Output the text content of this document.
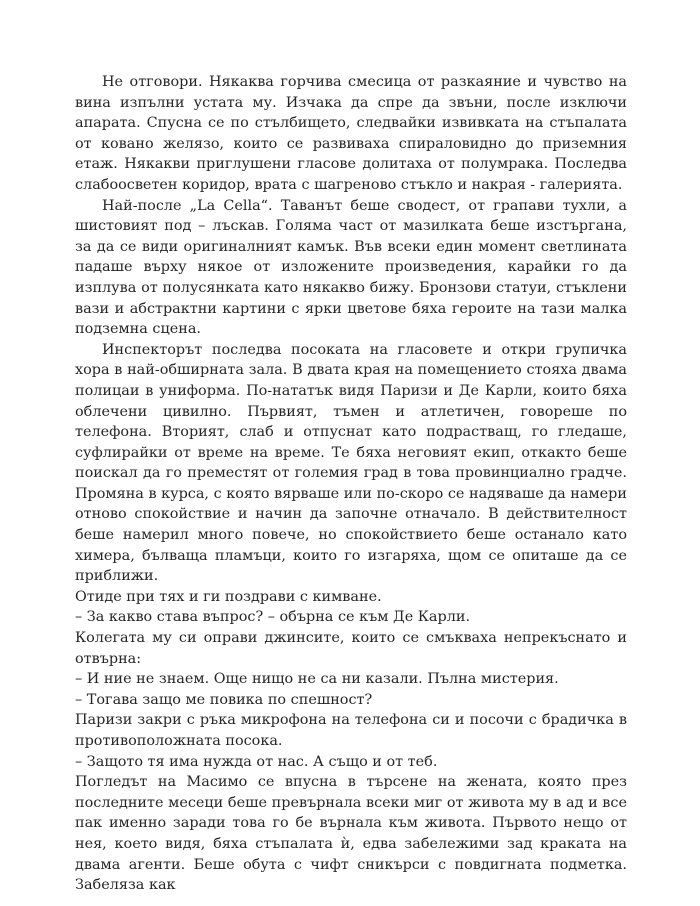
Не отговори. Някаква горчива смесица от разкаяние и чувство на вина изпълни устата му. Изчака да спре да звъни, после изключи апарата. Спусна се по стълбището, следвайки извивката на стъпалата от ковано желязо, които се развиваха спираловидно до приземния етаж. Някакви приглушени гласове долитаха от полумрака. Последва слабоосветен коридор, врата с шагреново стъкло и накрая - галерията.

Най-после „La Cella“. Таванът беше сводест, от грапави тухли, а шистовият под – лъскав. Голяма част от мазилката беше изстъргана, за да се види оригиналният камък. Във всеки един момент светлината падаше върху някое от изложените произведения, карайки го да изплува от полусянката като някакво бижу. Бронзови статуи, стъклени вази и абстрактни картини с ярки цветове бяха героите на тази малка подземна сцена.

Инспекторът последва посоката на гласовете и откри групичка хора в най-обширната зала. В двата края на помещението стояха двама полицаи в униформа. По-нататък видя Паризи и Де Карли, които бяха облечени цивилно. Първият, тъмен и атлетичен, говореше по телефона. Вторият, слаб и отпуснат като подрастващ, го гледаше, суфлирайки от време на време. Те бяха неговият екип, откакто беше поискал да го преместят от големия град в това провинциално градче. Промяна в курса, с която вярваше или по-скоро се надяваше да намери отново спокойствие и начин да започне отначало. В действителност беше намерил много повече, но спокойствието беше останало като химера, бълваща пламъци, които го изгаряха, щом се опиташе да се приближи.

Отиде при тях и ги поздрави с кимване.

– За какво става въпрос? – обърна се към Де Карли.

Колегата му си оправи джинсите, които се смъкваха непрекъснато и отвърна:

– И ние не знаем. Още нищо не са ни казали. Пълна мистерия.

– Тогава защо ме повика по спешност?

Паризи закри с ръка микрофона на телефона си и посочи с брадичка в противоположната посока.

– Защото тя има нужда от нас. А също и от теб.

Погледът на Масимо се впусна в търсене на жената, която през последните месеци беше превърнала всеки миг от живота му в ад и все пак именно заради това го бе върнала към живота. Първото нещо от нея, което видя, бяха стъпалата ѝ, едва забележими зад краката на двама агенти. Беше обута с чифт сникърси с повдигната подметка. Забеляза как
